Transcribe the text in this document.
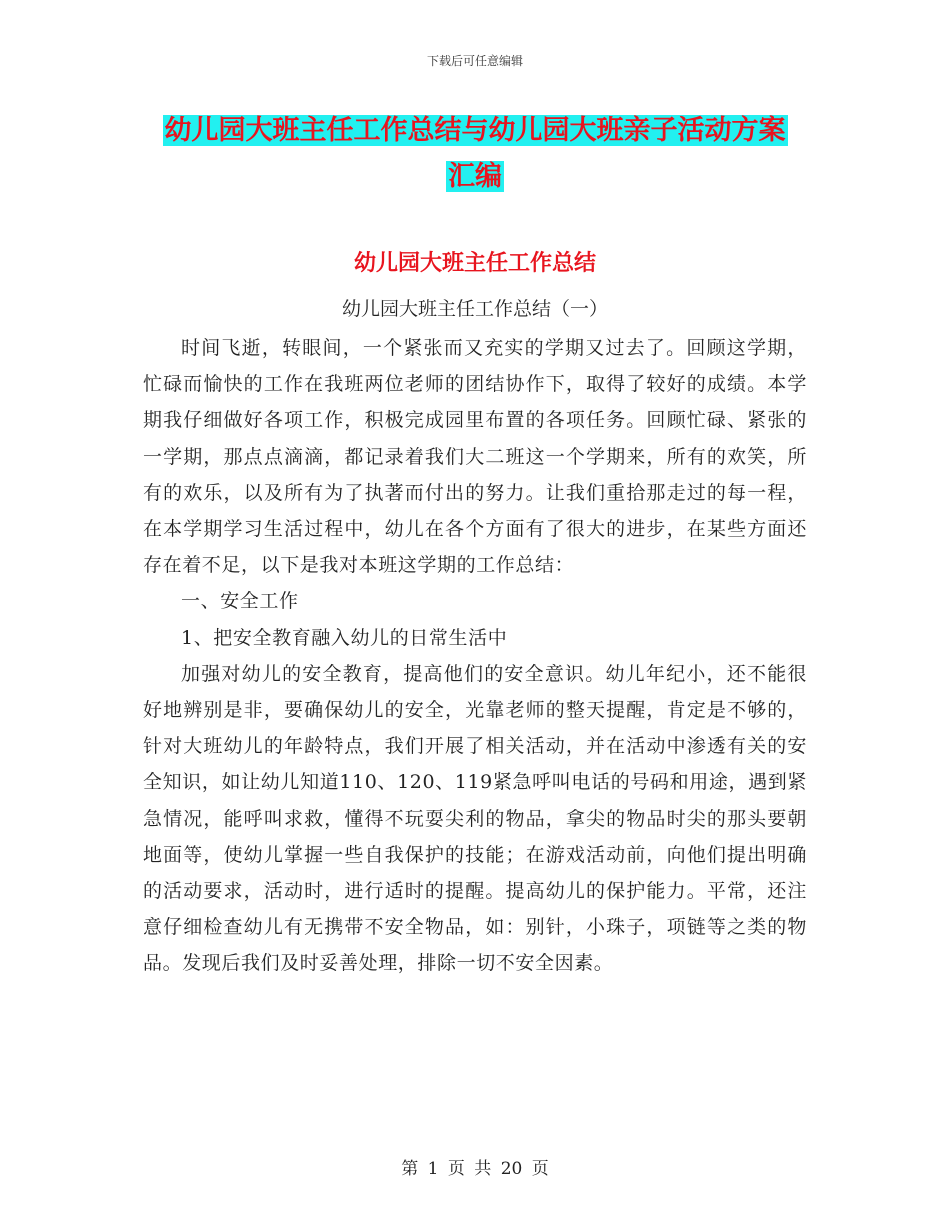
下载后可任意编辑
幼儿园大班主任工作总结与幼儿园大班亲子活动方案
汇编
幼儿园大班主任工作总结
幼儿园大班主任工作总结（一）

时间飞逝，转眼间，一个紧张而又充实的学期又过去了。回顾这学期，忙碌而愉快的工作在我班两位老师的团结协作下，取得了较好的成绩。本学期我仔细做好各项工作，积极完成园里布置的各项任务。回顾忙碌、紧张的一学期，那点点滴滴，都记录着我们大二班这一个学期来，所有的欢笑，所有的欢乐，以及所有为了执著而付出的努力。让我们重拾那走过的每一程，在本学期学习生活过程中，幼儿在各个方面有了很大的进步，在某些方面还存在着不足，以下是我对本班这学期的工作总结：

一、安全工作

1、把安全教育融入幼儿的日常生活中

加强对幼儿的安全教育，提高他们的安全意识。幼儿年纪小，还不能很好地辨别是非，要确保幼儿的安全，光靠老师的整天提醒，肯定是不够的，针对大班幼儿的年龄特点，我们开展了相关活动，并在活动中渗透有关的安全知识，如让幼儿知道110、120、119紧急呼叫电话的号码和用途，遇到紧急情况，能呼叫求救，懂得不玩耍尖利的物品，拿尖的物品时尖的那头要朝地面等，使幼儿掌握一些自我保护的技能；在游戏活动前，向他们提出明确的活动要求，活动时，进行适时的提醒。提高幼儿的保护能力。平常，还注意仔细检查幼儿有无携带不安全物品，如：别针，小珠子，项链等之类的物品。发现后我们及时妥善处理，排除一切不安全因素。

第 1 页 共 20 页
